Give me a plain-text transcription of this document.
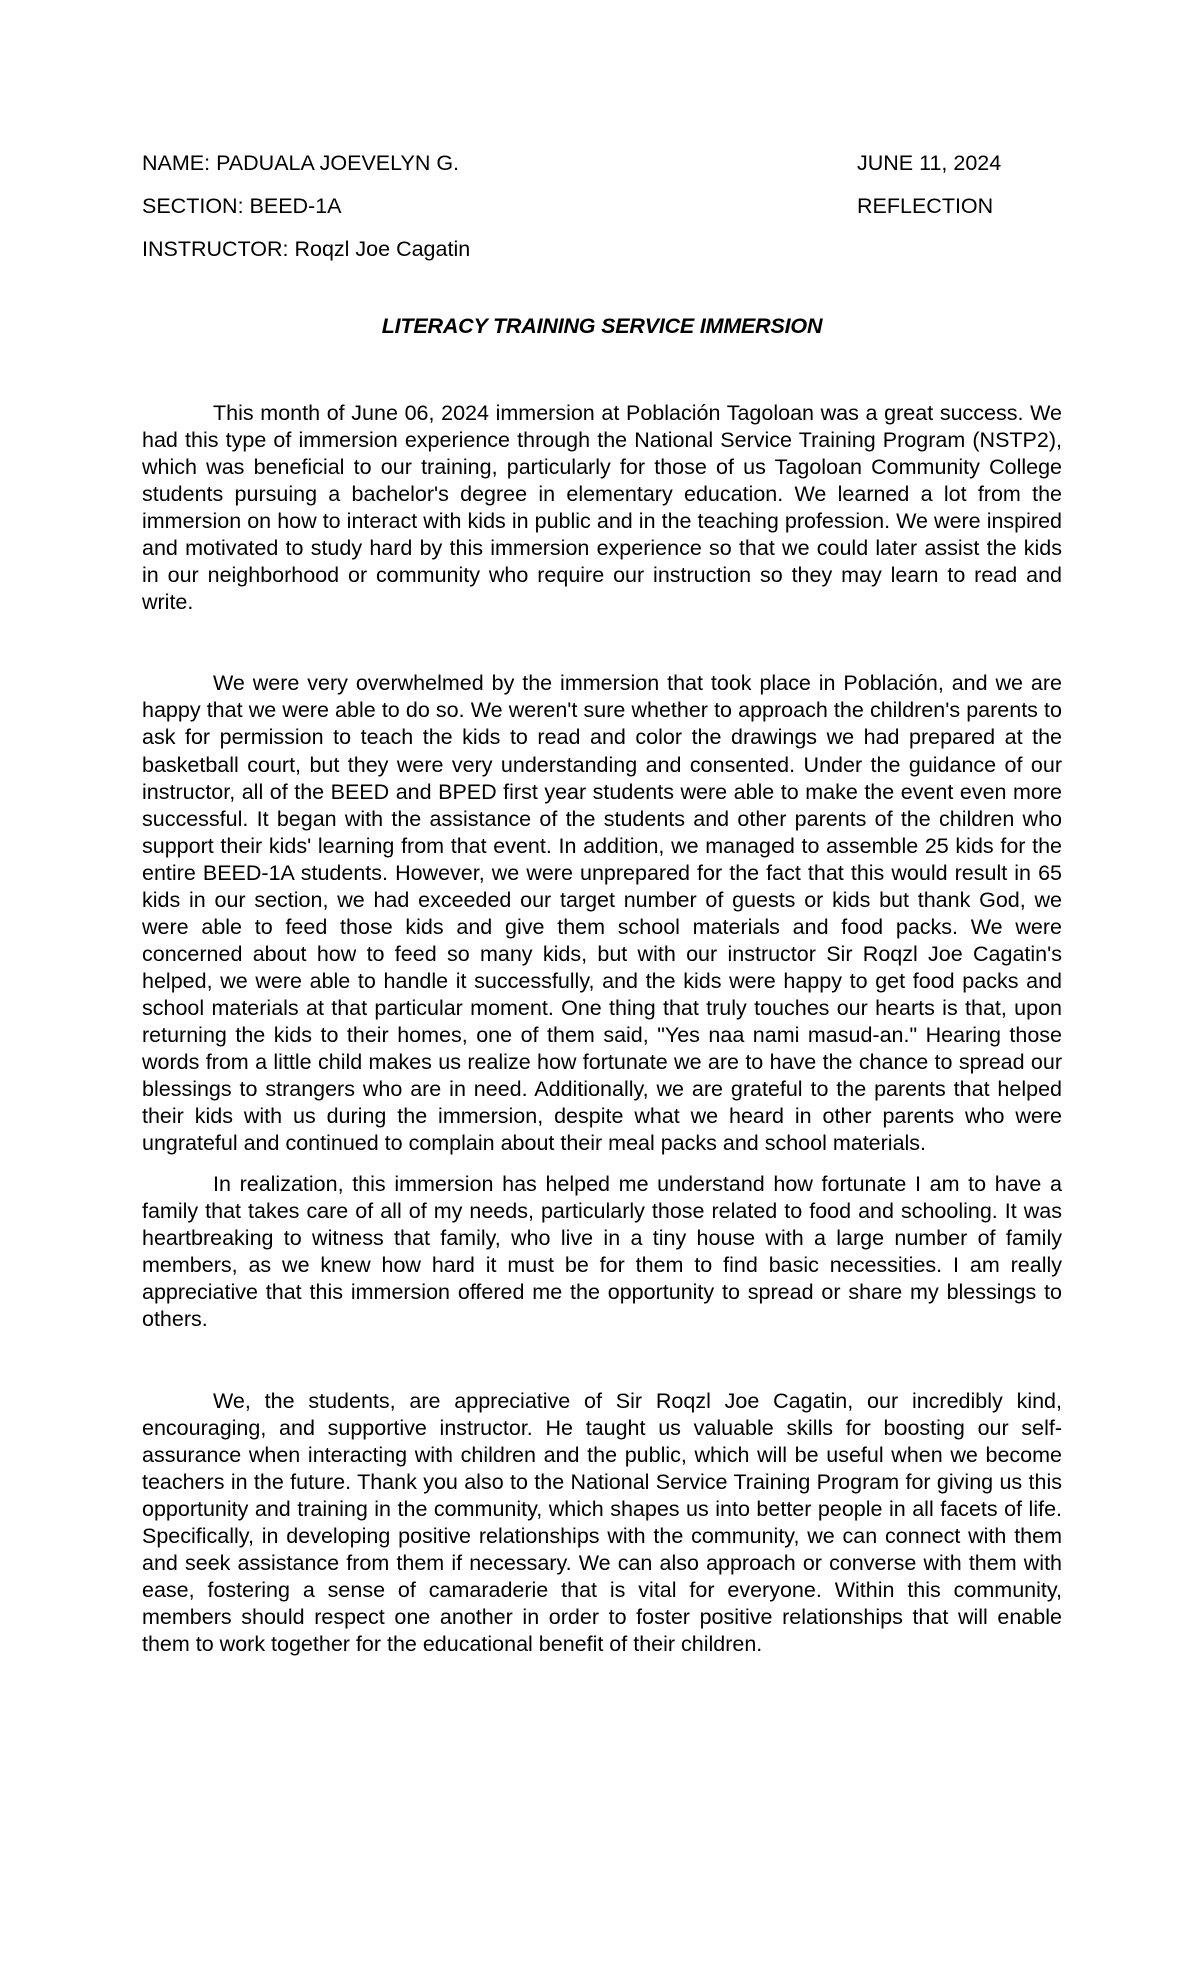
NAME: PADUALA JOEVELYN G.
SECTION: BEED-1A
INSTRUCTOR: Roqzl Joe Cagatin
JUNE 11, 2024
REFLECTION
LITERACY TRAINING SERVICE IMMERSION

This month of June 06, 2024 immersion at Población Tagoloan was a great success. We had this type of immersion experience through the National Service Training Program (NSTP2), which was beneficial to our training, particularly for those of us Tagoloan Community College students pursuing a bachelor's degree in elementary education. We learned a lot from the immersion on how to interact with kids in public and in the teaching profession. We were inspired and motivated to study hard by this immersion experience so that we could later assist the kids in our neighborhood or community who require our instruction so they may learn to read and write.

We were very overwhelmed by the immersion that took place in Población, and we are happy that we were able to do so. We weren't sure whether to approach the children's parents to ask for permission to teach the kids to read and color the drawings we had prepared at the basketball court, but they were very understanding and consented. Under the guidance of our instructor, all of the BEED and BPED first year students were able to make the event even more successful. It began with the assistance of the students and other parents of the children who support their kids' learning from that event. In addition, we managed to assemble 25 kids for the entire BEED-1A students. However, we were unprepared for the fact that this would result in 65 kids in our section, we had exceeded our target number of guests or kids but thank God, we were able to feed those kids and give them school materials and food packs. We were concerned about how to feed so many kids, but with our instructor Sir Roqzl Joe Cagatin's helped, we were able to handle it successfully, and the kids were happy to get food packs and school materials at that particular moment. One thing that truly touches our hearts is that, upon returning the kids to their homes, one of them said, "Yes naa nami masud-an." Hearing those words from a little child makes us realize how fortunate we are to have the chance to spread our blessings to strangers who are in need. Additionally, we are grateful to the parents that helped their kids with us during the immersion, despite what we heard in other parents who were ungrateful and continued to complain about their meal packs and school materials.

In realization, this immersion has helped me understand how fortunate I am to have a family that takes care of all of my needs, particularly those related to food and schooling. It was heartbreaking to witness that family, who live in a tiny house with a large number of family members, as we knew how hard it must be for them to find basic necessities. I am really appreciative that this immersion offered me the opportunity to spread or share my blessings to others.

We, the students, are appreciative of Sir Roqzl Joe Cagatin, our incredibly kind, encouraging, and supportive instructor. He taught us valuable skills for boosting our self-assurance when interacting with children and the public, which will be useful when we become teachers in the future. Thank you also to the National Service Training Program for giving us this opportunity and training in the community, which shapes us into better people in all facets of life. Specifically, in developing positive relationships with the community, we can connect with them and seek assistance from them if necessary. We can also approach or converse with them with ease, fostering a sense of camaraderie that is vital for everyone. Within this community, members should respect one another in order to foster positive relationships that will enable them to work together for the educational benefit of their children.
